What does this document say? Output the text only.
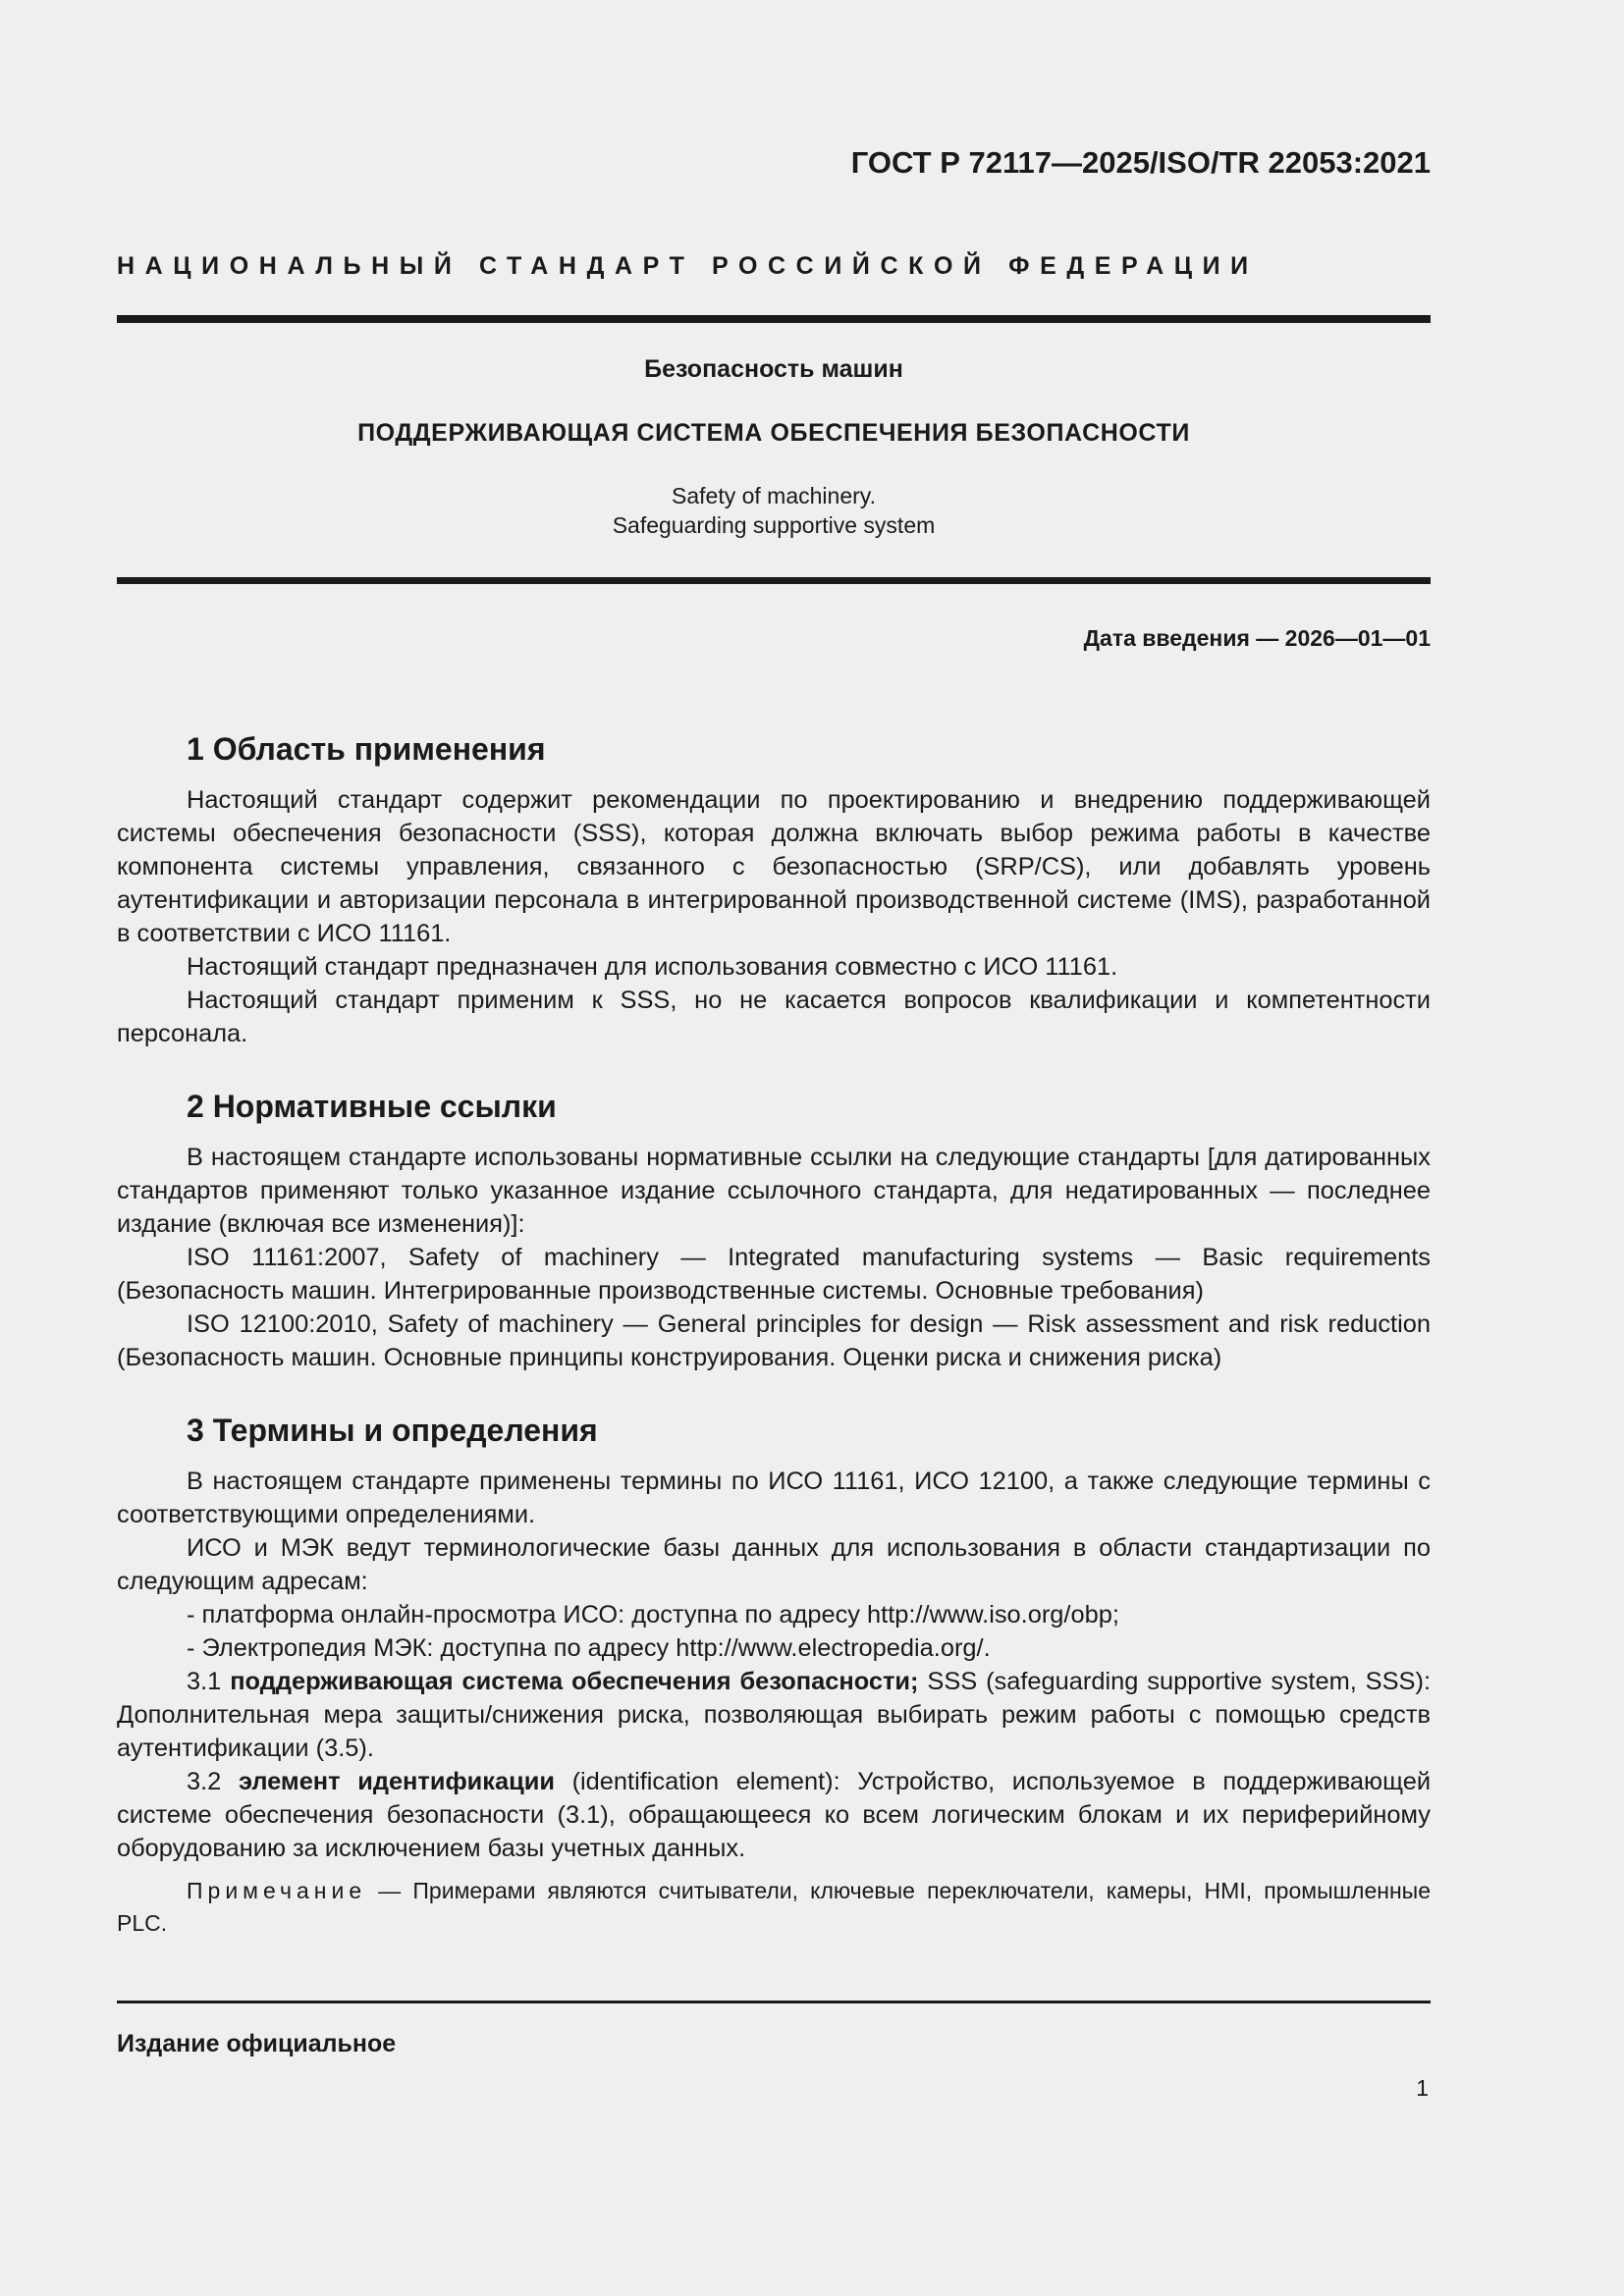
ГОСТ Р 72117—2025/ISO/TR 22053:2021
НАЦИОНАЛЬНЫЙ СТАНДАРТ РОССИЙСКОЙ ФЕДЕРАЦИИ
Безопасность машин
ПОДДЕРЖИВАЮЩАЯ СИСТЕМА ОБЕСПЕЧЕНИЯ БЕЗОПАСНОСТИ
Safety of machinery.
Safeguarding supportive system
Дата введения — 2026—01—01
1 Область применения

Настоящий стандарт содержит рекомендации по проектированию и внедрению поддерживающей системы обеспечения безопасности (SSS), которая должна включать выбор режима работы в качестве компонента системы управления, связанного с безопасностью (SRP/CS), или добавлять уровень аутентификации и авторизации персонала в интегрированной производственной системе (IMS), разработанной в соответствии с ИСО 11161.

Настоящий стандарт предназначен для использования совместно с ИСО 11161.

Настоящий стандарт применим к SSS, но не касается вопросов квалификации и компетентности персонала.

2 Нормативные ссылки

В настоящем стандарте использованы нормативные ссылки на следующие стандарты [для датированных стандартов применяют только указанное издание ссылочного стандарта, для недатированных — последнее издание (включая все изменения)]:

ISO 11161:2007, Safety of machinery — Integrated manufacturing systems — Basic requirements (Безопасность машин. Интегрированные производственные системы. Основные требования)

ISO 12100:2010, Safety of machinery — General principles for design — Risk assessment and risk reduction (Безопасность машин. Основные принципы конструирования. Оценки риска и снижения риска)

3 Термины и определения

В настоящем стандарте применены термины по ИСО 11161, ИСО 12100, а также следующие термины с соответствующими определениями.

ИСО и МЭК ведут терминологические базы данных для использования в области стандартизации по следующим адресам:

- платформа онлайн-просмотра ИСО: доступна по адресу http://www.iso.org/obp;

- Электропедия МЭК: доступна по адресу http://www.electropedia.org/.

3.1 поддерживающая система обеспечения безопасности; SSS (safeguarding supportive system, SSS): Дополнительная мера защиты/снижения риска, позволяющая выбирать режим работы с помощью средств аутентификации (3.5).

3.2 элемент идентификации (identification element): Устройство, используемое в поддерживающей системе обеспечения безопасности (3.1), обращающееся ко всем логическим блокам и их периферийному оборудованию за исключением базы учетных данных.

Примечание — Примерами являются считыватели, ключевые переключатели, камеры, HMI, промышленные PLC.

Издание официальное
1
